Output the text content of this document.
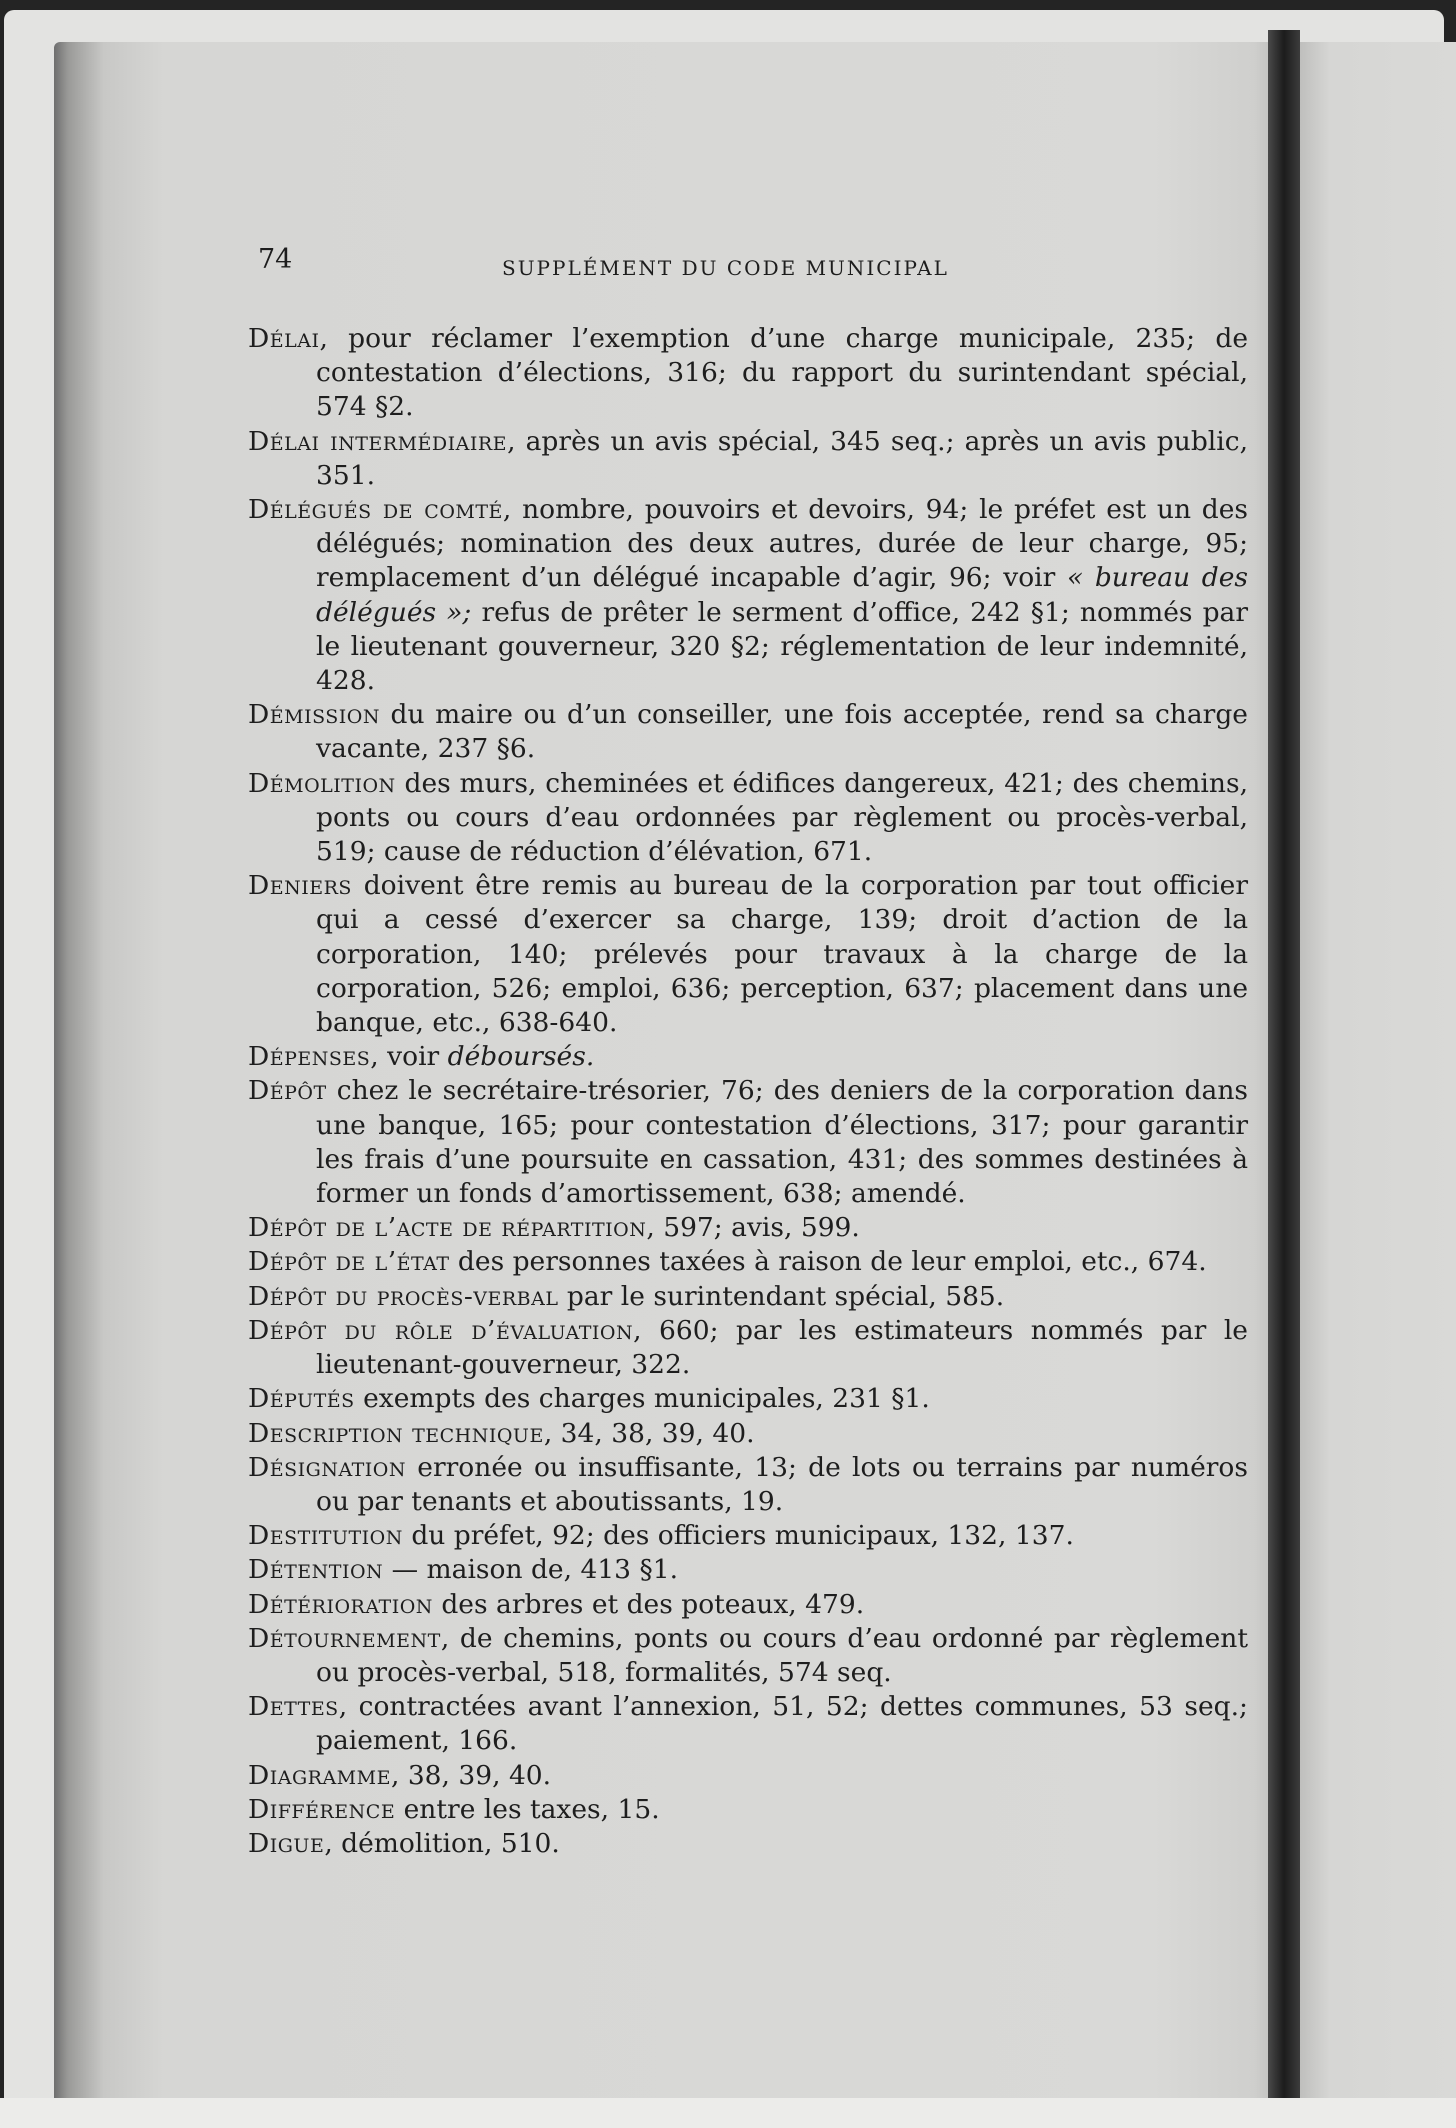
74	SUPPLÉMENT DU CODE MUNICIPAL

Délai, pour réclamer l’exemption d’une charge municipale, 235; de contestation d’élections, 316; du rapport du surintendant spécial, 574 §2.

Délai intermédiaire, après un avis spécial, 345 seq.; après un avis public, 351.

Délégués de comté, nombre, pouvoirs et devoirs, 94; le préfet est un des délégués; nomination des deux autres, durée de leur charge, 95; remplacement d’un délégué incapable d’agir, 96; voir « bureau des délégués »; refus de prêter le serment d’office, 242 §1; nommés par le lieutenant gouverneur, 320 §2; réglementation de leur indemnité, 428.

Démission du maire ou d’un conseiller, une fois acceptée, rend sa charge vacante, 237 §6.

Démolition des murs, cheminées et édifices dangereux, 421; des chemins, ponts ou cours d’eau ordonnées par règlement ou procès-verbal, 519; cause de réduction d’élévation, 671.

Deniers doivent être remis au bureau de la corporation par tout officier qui a cessé d’exercer sa charge, 139; droit d’action de la corporation, 140; prélevés pour travaux à la charge de la corporation, 526; emploi, 636; perception, 637; placement dans une banque, etc., 638-640.

Dépenses, voir déboursés.

Dépôt chez le secrétaire-trésorier, 76; des deniers de la corporation dans une banque, 165; pour contestation d’élections, 317; pour garantir les frais d’une poursuite en cassation, 431; des sommes destinées à former un fonds d’amortissement, 638; amendé.

Dépôt de l’acte de répartition, 597; avis, 599.

Dépôt de l’état des personnes taxées à raison de leur emploi, etc., 674.

Dépôt du procès-verbal par le surintendant spécial, 585.

Dépôt du rôle d’évaluation, 660; par les estimateurs nommés par le lieutenant-gouverneur, 322.

Députés exempts des charges municipales, 231 §1.

Description technique, 34, 38, 39, 40.

Désignation erronée ou insuffisante, 13; de lots ou terrains par numéros ou par tenants et aboutissants, 19.

Destitution du préfet, 92; des officiers municipaux, 132, 137.

Détention — maison de, 413 §1.

Détérioration des arbres et des poteaux, 479.

Détournement, de chemins, ponts ou cours d’eau ordonné par règlement ou procès-verbal, 518, formalités, 574 seq.

Dettes, contractées avant l’annexion, 51, 52; dettes communes, 53 seq.; paiement, 166.

Diagramme, 38, 39, 40.

Différence entre les taxes, 15.

Digue, démolition, 510.
